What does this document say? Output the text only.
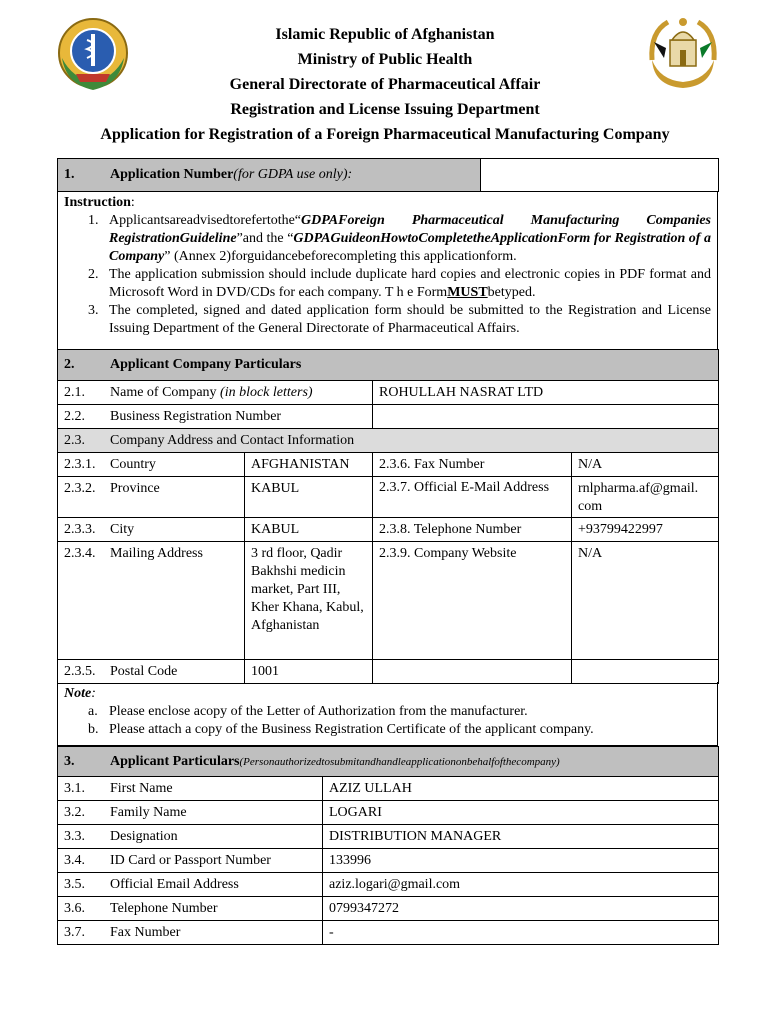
Islamic Republic of Afghanistan
Ministry of Public Health
General Directorate of Pharmaceutical Affair
Registration and License Issuing Department
Application for Registration of a Foreign Pharmaceutical Manufacturing Company
1.	Application Number(for GDPA use only):	
Instruction:
1. Applicantsareadvisedtorefertothe“GDPAForeign Pharmaceutical Manufacturing Companies RegistrationGuideline”and the “GDPAGuideonHowtoCompletetheApplicationForm for Registration of a Company” (Annex 2)forguidancebeforecompleting this applicationform.
2. The application submission should include duplicate hard copies and electronic copies in PDF format and Microsoft Word in DVD/CDs for each company. T h e FormMUSTbetyped.
3. The completed, signed and dated application form should be submitted to the Registration and License Issuing Department of the General Directorate of Pharmaceutical Affairs.
2. Applicant Company Particulars			
2.1. Name of Company (in block letters)		ROHULLAH NASRAT LTD	
2.2. Business Registration Number			
2.3. Company Address and Contact Information			
2.3.1. Country	AFGHANISTAN	2.3.6. Fax Number	N/A
2.3.2. Province	KABUL	2.3.7. Official E-Mail Address	rnlpharma.af@gmail. com
2.3.3. City	KABUL	2.3.8. Telephone Number	+93799422997
2.3.4. Mailing Address	3 rd floor, Qadir Bakhshi medicin market, Part III, Kher Khana, Kabul, Afghanistan	2.3.9. Company Website	N/A
2.3.5. Postal Code	1001		
Note:
a. Please enclose acopy of the Letter of Authorization from the manufacturer.
b. Please attach a copy of the Business Registration Certificate of the applicant company.
3. Applicant Particulars(Personauthorizedtosubmitandhandleapplicationonbehalfofthecompany)	
3.1. First Name	AZIZ ULLAH
3.2. Family Name	LOGARI
3.3. Designation	DISTRIBUTION MANAGER
3.4. ID Card or Passport Number	133996
3.5. Official Email Address	aziz.logari@gmail.com
3.6. Telephone Number	0799347272
3.7. Fax Number	-
